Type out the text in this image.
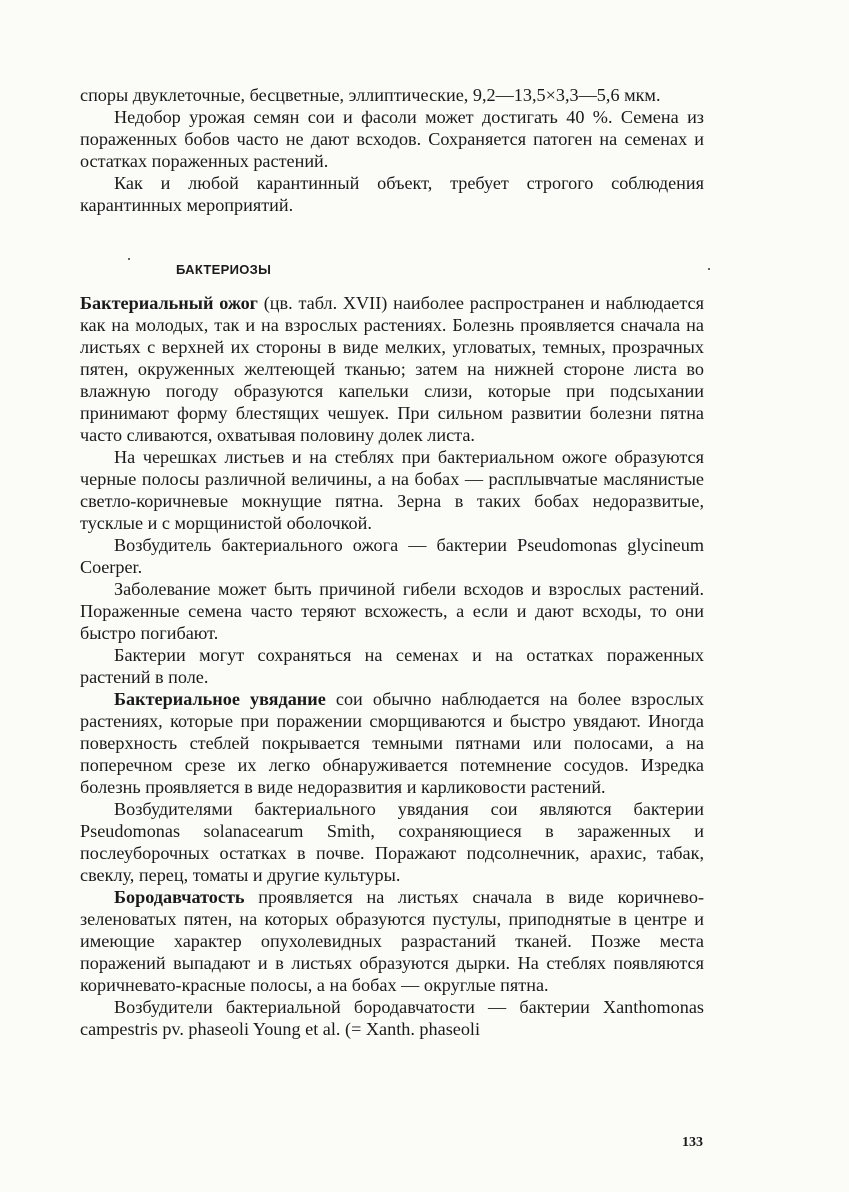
споры двуклеточные, бесцветные, эллиптические, 9,2—13,5×3,3—5,6 мкм.

Недобор урожая семян сои и фасоли может достигать 40 %. Семена из пораженных бобов часто не дают всходов. Сохраняется патоген на семенах и остатках пораженных растений.

Как и любой карантинный объект, требует строгого соблюдения карантинных мероприятий.

БАКТЕРИОЗЫ

Бактериальный ожог (цв. табл. XVII) наиболее распространен и наблюдается как на молодых, так и на взрослых растениях. Болезнь проявляется сначала на листьях с верхней их стороны в виде мелких, угловатых, темных, прозрачных пятен, окруженных желтеющей тканью; затем на нижней стороне листа во влажную погоду образуются капельки слизи, которые при подсыхании принимают форму блестящих чешуек. При сильном развитии болезни пятна часто сливаются, охватывая половину долек листа.

На черешках листьев и на стеблях при бактериальном ожоге образуются черные полосы различной величины, а на бобах — расплывчатые маслянистые светло-коричневые мокнущие пятна. Зерна в таких бобах недоразвитые, тусклые и с морщинистой оболочкой.

Возбудитель бактериального ожога — бактерии Pseudomonas glycineum Coerper.

Заболевание может быть причиной гибели всходов и взрослых растений. Пораженные семена часто теряют всхожесть, а если и дают всходы, то они быстро погибают.

Бактерии могут сохраняться на семенах и на остатках пораженных растений в поле.

Бактериальное увядание сои обычно наблюдается на более взрослых растениях, которые при поражении сморщиваются и быстро увядают. Иногда поверхность стеблей покрывается темными пятнами или полосами, а на поперечном срезе их легко обнаруживается потемнение сосудов. Изредка болезнь проявляется в виде недоразвития и карликовости растений.

Возбудителями бактериального увядания сои являются бактерии Pseudomonas solanacearum Smith, сохраняющиеся в зараженных и послеуборочных остатках в почве. Поражают подсолнечник, арахис, табак, свеклу, перец, томаты и другие культуры.

Бородавчатость проявляется на листьях сначала в виде коричнево-зеленоватых пятен, на которых образуются пустулы, приподнятые в центре и имеющие характер опухолевидных разрастаний тканей. Позже места поражений выпадают и в листьях образуются дырки. На стеблях появляются коричневато-красные полосы, а на бобах — округлые пятна.

Возбудители бактериальной бородавчатости — бактерии Xanthomonas campestris pv. phaseoli Young et al. (= Xanth. phaseoli

133
